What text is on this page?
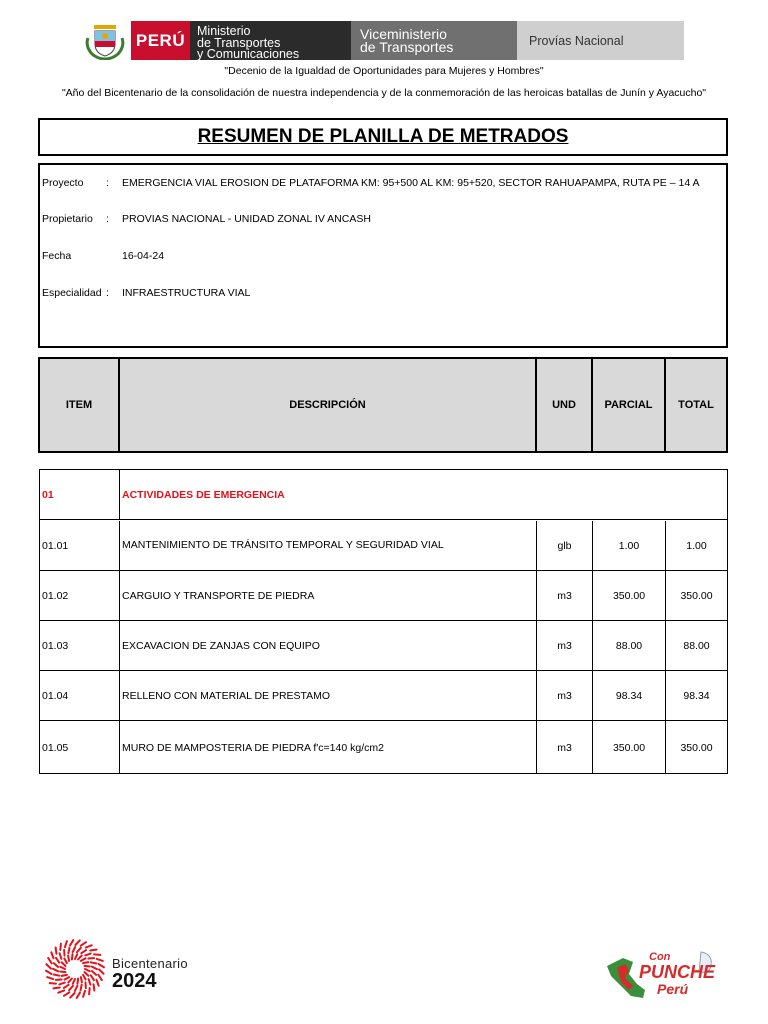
PERÚ Ministerio
de Transportes
y Comunicaciones
Viceministerio
de Transportes	Provías Nacional
"Decenio de la Igualdad de Oportunidades para Mujeres y Hombres"
"Año del Bicentenario de la consolidación de nuestra independencia y de la conmemoración de las heroicas batallas de Junín y Ayacucho"
RESUMEN DE PLANILLA DE METRADOS
Proyecto : EMERGENCIA VIAL EROSION DE PLATAFORMA KM: 95+500 AL KM: 95+520, SECTOR RAHUAPAMPA, RUTA PE – 14 A
Propietario : PROVIAS NACIONAL - UNIDAD ZONAL IV ANCASH
Fecha	16-04-24
Especialidad : INFRAESTRUCTURA VIAL
ITEM	DESCRIPCIÓN	UND	PARCIAL	TOTAL
01	ACTIVIDADES DE EMERGENCIA
01.01	MANTENIMIENTO DE TRÁNSITO TEMPORAL Y SEGURIDAD VIAL	glb	1.00	1.00
01.02	CARGUIO Y TRANSPORTE DE PIEDRA	m3	350.00	350.00
01.03	EXCAVACION DE ZANJAS CON EQUIPO	m3	88.00	88.00
01.04	RELLENO CON MATERIAL DE PRESTAMO	m3	98.34	98.34
01.05	MURO DE MAMPOSTERIA DE PIEDRA f'c=140 kg/cm2	m3	350.00	350.00
Bicentenario
2024
Con
PUNCHE
Perú
